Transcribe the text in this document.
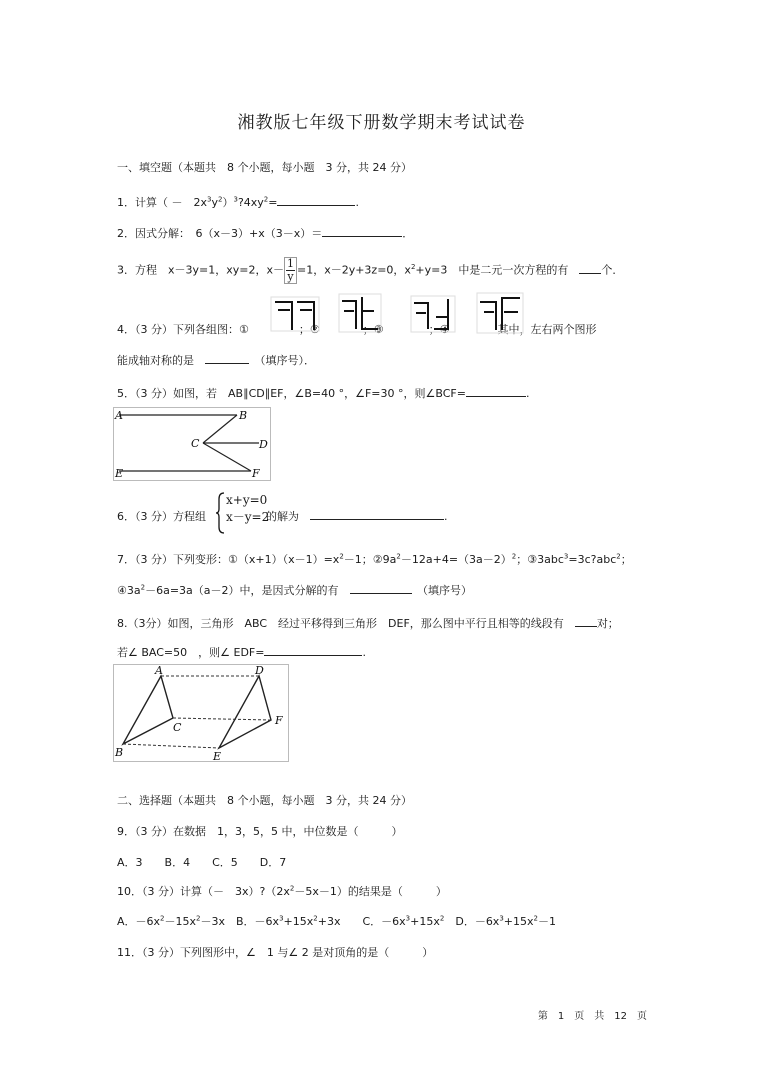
湘教版七年级下册数学期末考试试卷
一、填空题（本题共　8 个小题，每小题　3 分，共 24 分）
1．计算（ －　$2x^3y^2)^3?4xy^2=$	.
2．因式分解：　6（x－3）+x（3－x）＝	．
3．方程　x－3y=1，xy=2，$x- \frac{1}{y}=1$，x－2y+3z=0，$x^2+y=3$　中是二元一次方程的有　	个．
4．（3 分）下列各组图：①	；②	；③	；④	其中，左右两个图形
能成轴对称的是　　	（填序号）．
5．（3 分）如图，若　AB∥CD∥EF，∠B=40 °，∠F=30 °，则∠BCF=	.
A	B
C	D
E	F
6．（3 分）方程组	的解为　	.
x+y=0
x－y=2
7．（3 分）下列变形：$①(x+1)(x-1)=x^2-1$；$②9a^2-12a+4=(3a-2)^2$；③3abc$^3$=3c?abc$^2$；
$④3a^2-6a=3a(a-2)$中，是因式分解的有　　	（填序号）
8.（3分）如图，三角形　ABC　经过平移得到三角形　DEF，那么图中平行且相等的线段有　	对；
若∠ BAC=50　，则∠ EDF=	.
A
B
C
D
E
F
二、选择题（本题共　8 个小题，每小题　3 分，共 24 分）
9．（3 分）在数据　1，3，5，5 中，中位数是（　　　）
A．3　　B．4　　C．5　　D．7
10．（3 分）计算（－　$3x)?(2x^2-5x-1)$的结果是（　　　）
A．$-6x^2-15x^2-3x$　B．$-6x^3+15x^2+3x$　　C．$-6x^3+15x^2$　D．$-6x^3+15x^2-1$
11．（3 分）下列图形中，∠　1 与∠ 2 是对顶角的是（　　　）
第　1　页　共　12　页
